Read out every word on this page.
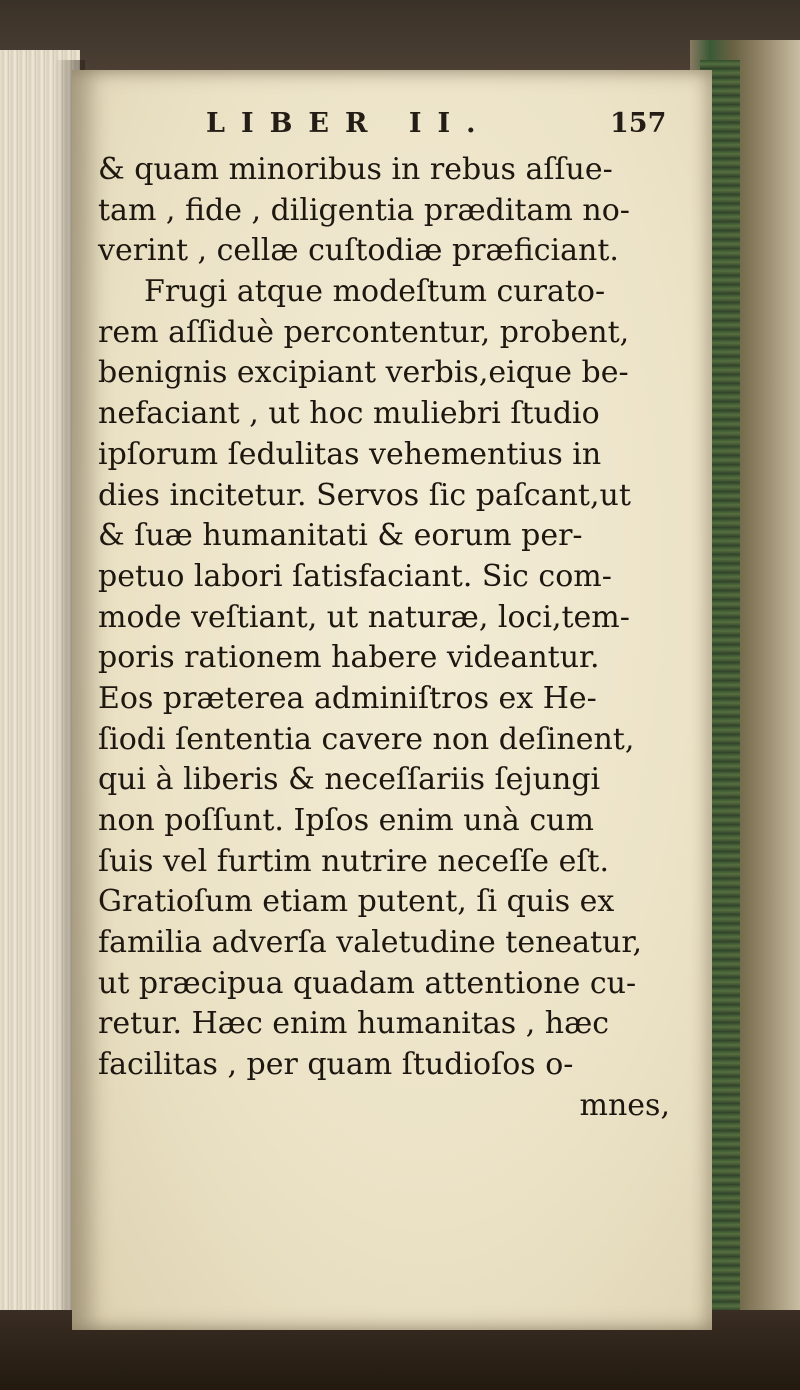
LIBER II.	157
& quam minoribus in rebus aſſue-
tam , fide , diligentia præditam no-
verint , cellæ cuſtodiæ præficiant.
Frugi atque modeſtum curato-
rem aſſiduè percontentur, probent,
benignis excipiant verbis,eique be-
nefaciant , ut hoc muliebri ſtudio
ipſorum ſedulitas vehementius in
dies incitetur. Servos ſic paſcant,ut
& ſuæ humanitati & eorum per-
petuo labori ſatisfaciant. Sic com-
mode veſtiant, ut naturæ, loci,tem-
poris rationem habere videantur.
Eos præterea adminiſtros ex He-
ſiodi ſententia cavere non deſinent,
qui à liberis & neceſſariis ſejungi
non poſſunt. Ipſos enim unà cum
ſuis vel furtim nutrire neceſſe eſt.
Gratioſum etiam putent, ſi quis ex
familia adverſa valetudine teneatur,
ut præcipua quadam attentione cu-
retur. Hæc enim humanitas , hæc
facilitas , per quam ſtudioſos o-
mnes,
